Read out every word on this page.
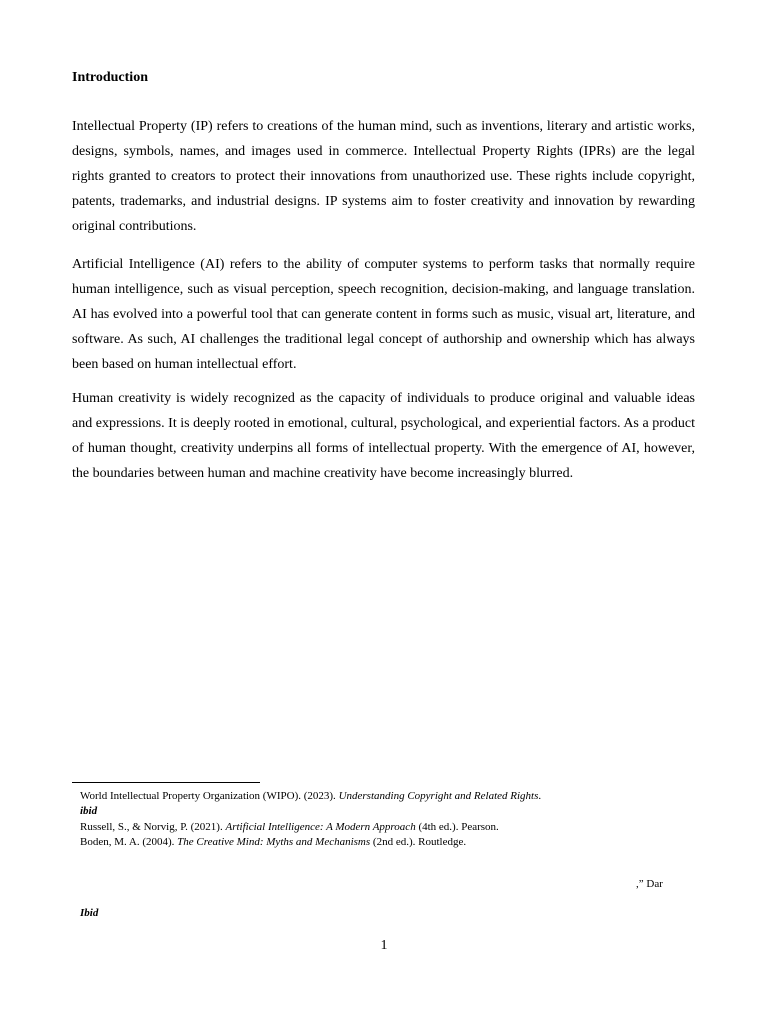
Introduction

Intellectual Property (IP) refers to creations of the human mind, such as inventions, literary and artistic works, designs, symbols, names, and images used in commerce. Intellectual Property Rights (IPRs) are the legal rights granted to creators to protect their innovations from unauthorized use. These rights include copyright, patents, trademarks, and industrial designs. IP systems aim to foster creativity and innovation by rewarding original contributions.

Artificial Intelligence (AI) refers to the ability of computer systems to perform tasks that normally require human intelligence, such as visual perception, speech recognition, decision-making, and language translation. AI has evolved into a powerful tool that can generate content in forms such as music, visual art, literature, and software. As such, AI challenges the traditional legal concept of authorship and ownership which has always been based on human intellectual effort.

Human creativity is widely recognized as the capacity of individuals to produce original and valuable ideas and expressions. It is deeply rooted in emotional, cultural, psychological, and experiential factors. As a product of human thought, creativity underpins all forms of intellectual property. With the emergence of AI, however, the boundaries between human and machine creativity have become increasingly blurred.

World Intellectual Property Organization (WIPO). (2023). Understanding Copyright and Related Rights.
ibid
Russell, S., & Norvig, P. (2021). Artificial Intelligence: A Modern Approach (4th ed.). Pearson.
Boden, M. A. (2004). The Creative Mind: Myths and Mechanisms (2nd ed.). Routledge.
,” Dar
Ibid
1
